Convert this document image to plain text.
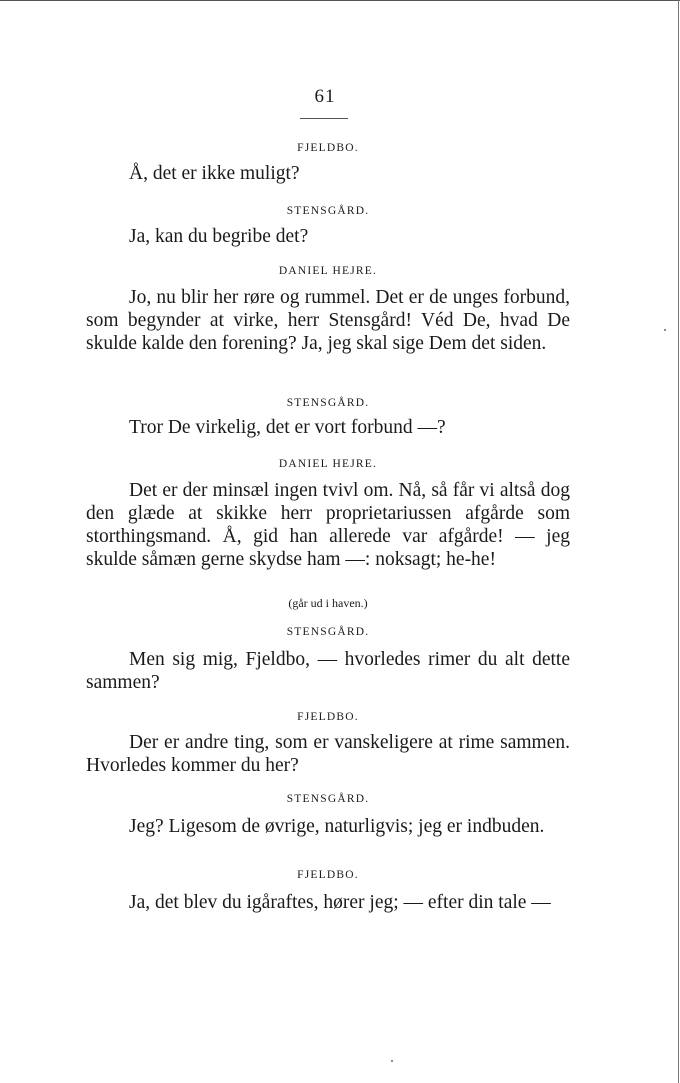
61
FJELDBO.

Å, det er ikke muligt?

STENSGÅRD.

Ja, kan du begribe det?

DANIEL HEJRE.

Jo, nu blir her røre og rummel. Det er de unges forbund, som begynder at virke, herr Stensgård! Véd De, hvad De skulde kalde den forening? Ja, jeg skal sige Dem det siden.

STENSGÅRD.

Tror De virkelig, det er vort forbund —?

DANIEL HEJRE.

Det er der minsæl ingen tvivl om. Nå, så får vi altså dog den glæde at skikke herr proprietariussen afgårde som storthingsmand. Å, gid han allerede var afgårde! — jeg skulde såmæn gerne skydse ham —: noksagt; he-he!

(går ud i haven.)
STENSGÅRD.

Men sig mig, Fjeldbo, — hvorledes rimer du alt dette sammen?

FJELDBO.

Der er andre ting, som er vanskeligere at rime sammen. Hvorledes kommer du her?

STENSGÅRD.

Jeg? Ligesom de øvrige, naturligvis; jeg er indbuden.

FJELDBO.

Ja, det blev du igåraftes, hører jeg; — efter din tale —
